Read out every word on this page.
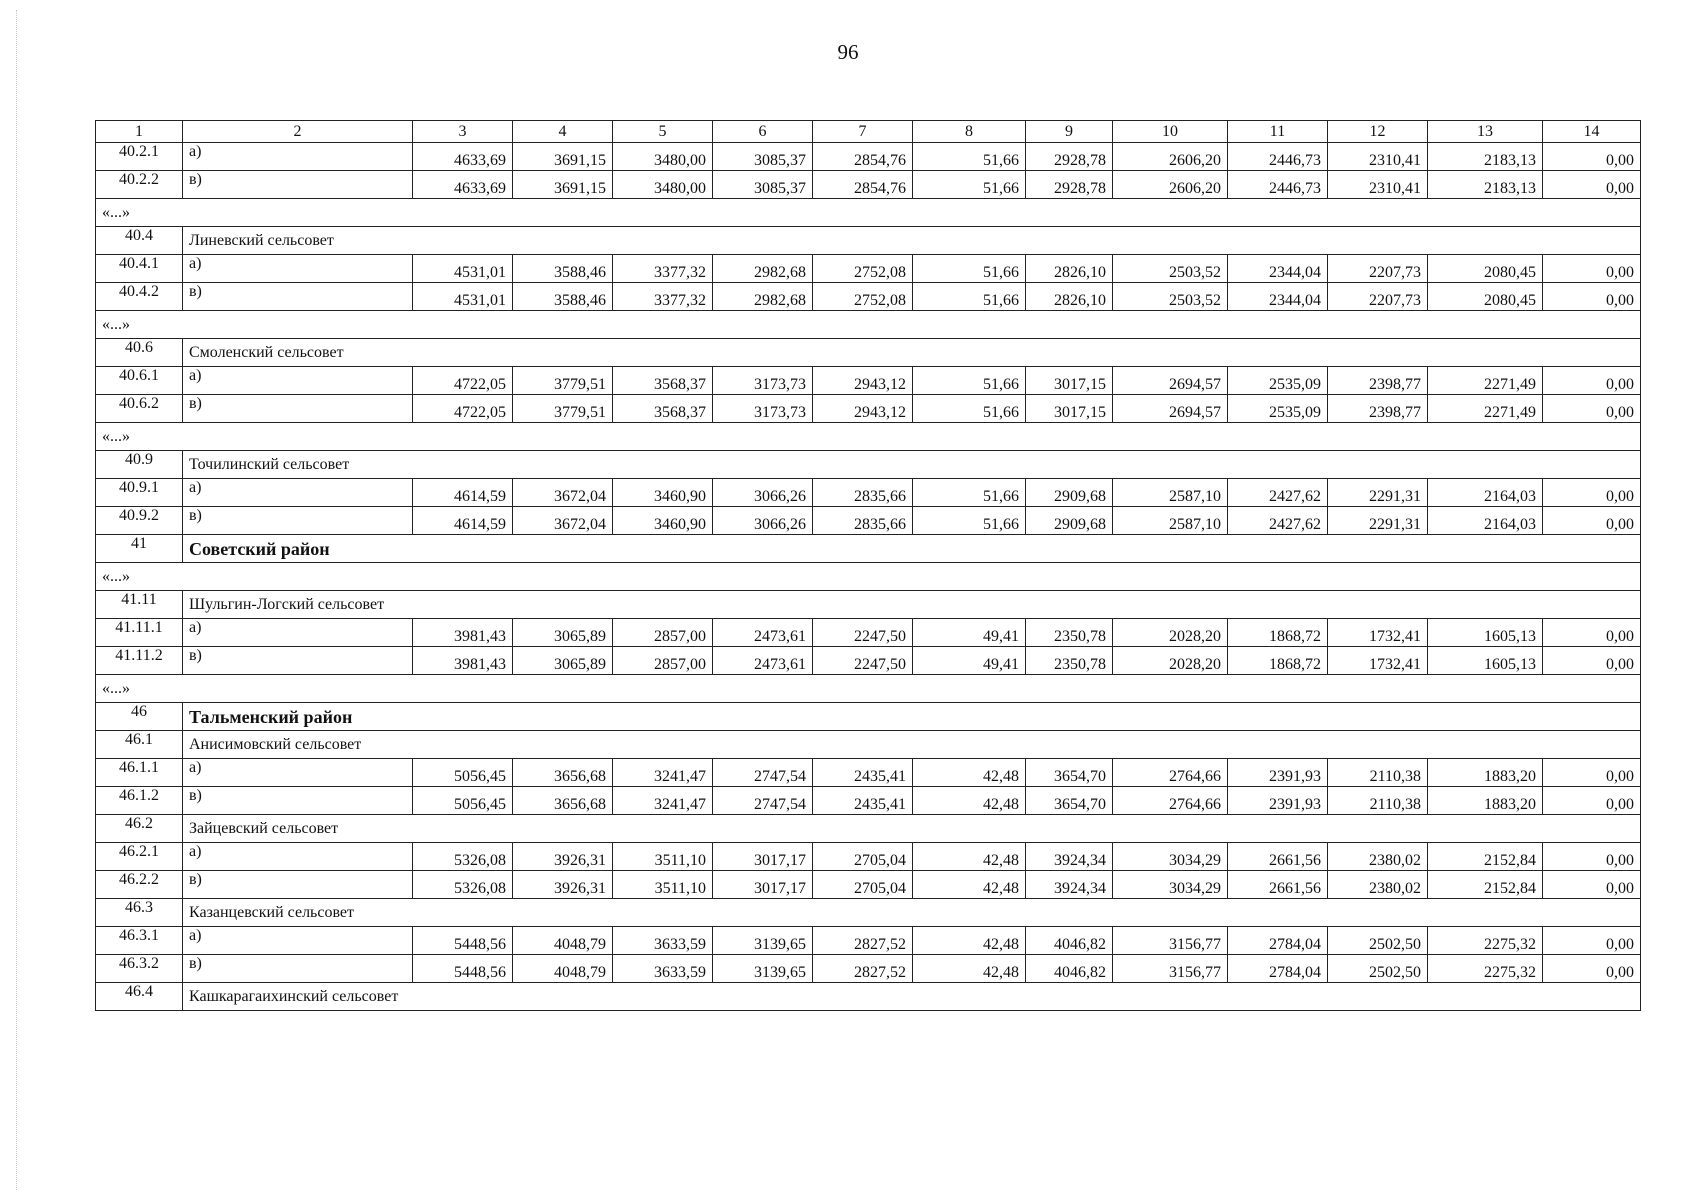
96
1	2	3	4	5	6	7	8	9	10	11	12	13	14
40.2.1	а)	4633,69	3691,15	3480,00	3085,37	2854,76	51,66	2928,78	2606,20	2446,73	2310,41	2183,13	0,00
40.2.2	в)	4633,69	3691,15	3480,00	3085,37	2854,76	51,66	2928,78	2606,20	2446,73	2310,41	2183,13	0,00
«...»													
40.4	Линевский сельсовет												
40.4.1	а)	4531,01	3588,46	3377,32	2982,68	2752,08	51,66	2826,10	2503,52	2344,04	2207,73	2080,45	0,00
40.4.2	в)	4531,01	3588,46	3377,32	2982,68	2752,08	51,66	2826,10	2503,52	2344,04	2207,73	2080,45	0,00
«...»													
40.6	Смоленский сельсовет												
40.6.1	а)	4722,05	3779,51	3568,37	3173,73	2943,12	51,66	3017,15	2694,57	2535,09	2398,77	2271,49	0,00
40.6.2	в)	4722,05	3779,51	3568,37	3173,73	2943,12	51,66	3017,15	2694,57	2535,09	2398,77	2271,49	0,00
«...»													
40.9	Точилинский сельсовет												
40.9.1	а)	4614,59	3672,04	3460,90	3066,26	2835,66	51,66	2909,68	2587,10	2427,62	2291,31	2164,03	0,00
40.9.2	в)	4614,59	3672,04	3460,90	3066,26	2835,66	51,66	2909,68	2587,10	2427,62	2291,31	2164,03	0,00
41	Советский район												
«...»													
41.11	Шульгин-Логский сельсовет												
41.11.1	а)	3981,43	3065,89	2857,00	2473,61	2247,50	49,41	2350,78	2028,20	1868,72	1732,41	1605,13	0,00
41.11.2	в)	3981,43	3065,89	2857,00	2473,61	2247,50	49,41	2350,78	2028,20	1868,72	1732,41	1605,13	0,00
«...»													
46	Тальменский район												
46.1	Анисимовский сельсовет												
46.1.1	а)	5056,45	3656,68	3241,47	2747,54	2435,41	42,48	3654,70	2764,66	2391,93	2110,38	1883,20	0,00
46.1.2	в)	5056,45	3656,68	3241,47	2747,54	2435,41	42,48	3654,70	2764,66	2391,93	2110,38	1883,20	0,00
46.2	Зайцевский сельсовет												
46.2.1	а)	5326,08	3926,31	3511,10	3017,17	2705,04	42,48	3924,34	3034,29	2661,56	2380,02	2152,84	0,00
46.2.2	в)	5326,08	3926,31	3511,10	3017,17	2705,04	42,48	3924,34	3034,29	2661,56	2380,02	2152,84	0,00
46.3	Казанцевский сельсовет												
46.3.1	а)	5448,56	4048,79	3633,59	3139,65	2827,52	42,48	4046,82	3156,77	2784,04	2502,50	2275,32	0,00
46.3.2	в)	5448,56	4048,79	3633,59	3139,65	2827,52	42,48	4046,82	3156,77	2784,04	2502,50	2275,32	0,00
46.4	Кашкарагаихинский сельсовет												
